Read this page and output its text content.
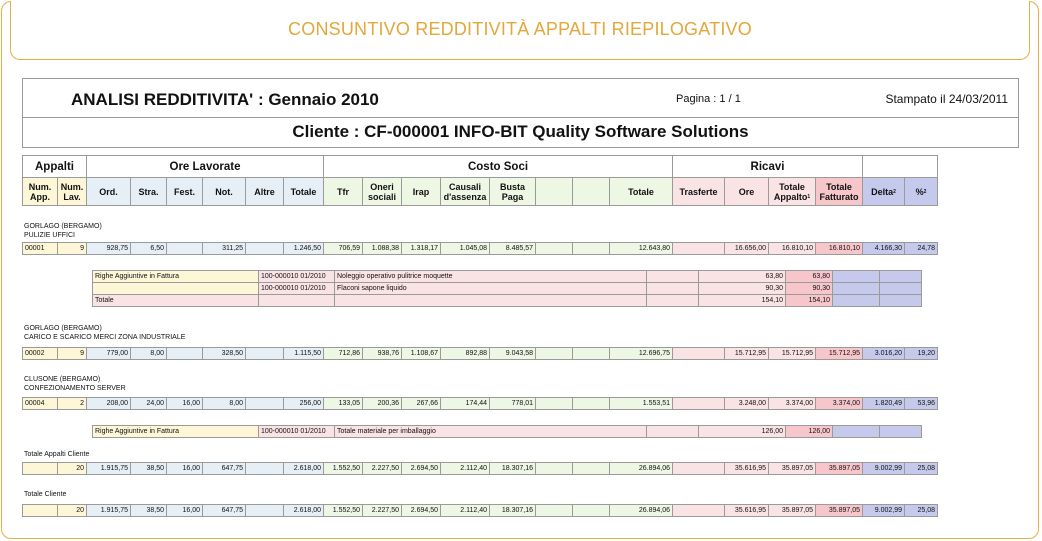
CONSUNTIVO REDDITIVITÀ APPALTI RIEPILOGATIVO
ANALISI REDDITIVITA' : Gennaio 2010	Pagina : 1 / 1	Stampato il 24/03/2011
Cliente : CF-000001 INFO-BIT Quality Software Solutions
Appalti		Ore Lavorate						Costo Soci								Ricavi					
Num. App.	Num. Lav.	Ord.	Stra.	Fest.	Not.	Altre	Totale	Tfr	Oneri sociali	Irap	Causali d'assenza	Busta Paga			Totale	Trasferte	Ore	Totale Appalto$^1$	Totale Fatturato	Delta$^2$	%$^2$
GORLAGO (BERGAMO)
PULIZIE UFFICI
00001	9	928,75	6,50		311,25		1.246,50	706,59	1.088,38	1.318,17	1.045,08	8.485,57			12.643,80		16.656,00	16.810,10	16.810,10	4.166,30	24,78
Righe Aggiuntive in Fattura	100-000010 01/2010	Noleggio operativo pulitrice moquette		63,80	63,80		
	100-000010 01/2010	Flaconi sapone liquido		90,30	90,30		
Totale				154,10	154,10		
GORLAGO (BERGAMO)
CARICO E SCARICO MERCI ZONA INDUSTRIALE
00002	9	779,00	8,00		328,50		1.115,50	712,86	938,76	1.108,67	892,88	9.043,58			12.696,75		15.712,95	15.712,95	15.712,95	3.016,20	19,20
CLUSONE (BERGAMO)
CONFEZIONAMENTO SERVER
00004	2	208,00	24,00	16,00	8,00		256,00	133,05	200,36	267,66	174,44	778,01			1.553,51		3.248,00	3.374,00	3.374,00	1.820,49	53,96
Righe Aggiuntive in Fattura	100-000010 01/2010	Totale materiale per imballaggio		126,00	126,00		
Totale Appalti Cliente
	20	1.915,75	38,50	16,00	647,75		2.618,00	1.552,50	2.227,50	2.694,50	2.112,40	18.307,16			26.894,06		35.616,95	35.897,05	35.897,05	9.002,99	25,08
Totale Cliente
	20	1.915,75	38,50	16,00	647,75		2.618,00	1.552,50	2.227,50	2.694,50	2.112,40	18.307,16			26.894,06		35.616,95	35.897,05	35.897,05	9.002,99	25,08
